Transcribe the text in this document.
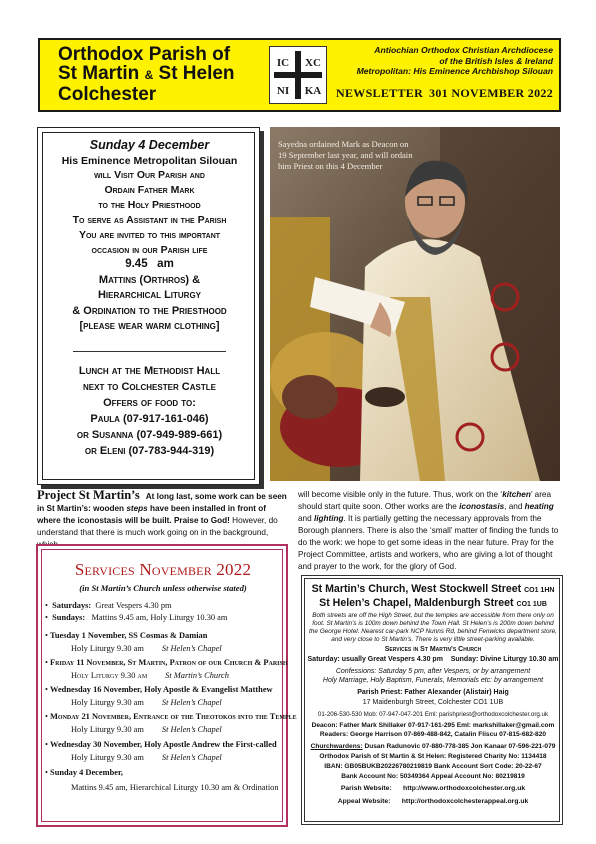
Orthodox Parish of
St Martin & St Helen
Colchester
IC XC
NI KA
Antiochian Orthodox Christian Archdiocese
of the British Isles & Ireland
Metropolitan: His Eminence Archbishop Silouan
NEWSLETTER 301 NOVEMBER 2022
Sunday 4 December
His Eminence Metropolitan Silouan
will Visit Our Parish and
Ordain Father Mark
to the Holy Priesthood
To serve as Assistant in the Parish
You are invited to this important
occasion in our Parish life
9.45   am
Mattins (Orthros) &
Hierarchical Liturgy
& Ordination to the Priesthood
[please wear warm clothing]
Lunch at the Methodist Hall
next to Colchester Castle
Offers of food to:
Paula (07-917-161-046)
or Susanna (07-949-989-661)
or Eleni (07-783-944-319)
Sayedna ordained Mark as Deacon on 19 September last year, and will ordain him Priest on this 4 December
Project St Martin’s At long last, some work can be seen in St Martin’s: wooden steps have been installed in front of where the iconostasis will be built. Praise to God! However, do understand that there is much work going on in the background,
will become visible only in the future. Thus, work on the ‘kitchen’ area should start quite soon. Other works are the iconostasis, and heating and lighting. It is partially getting the necessary approvals from the Borough planners. There is also the ‘small’ matter of finding the funds to do the work: we hope to get some ideas in the near future. Pray for the Project Committee, artists and workers, who are giving a lot of thought and prayer to the work, for the glory of God.
Services November 2022
(in St Martin’s Church unless otherwise stated)
•  Saturdays: Great Vespers 4.30 pm
•  Sundays: Mattins 9.45 am, Holy Liturgy 10.30 am
• Tuesday 1 November, SS Cosmas & Damian
Holy Liturgy 9.30 am St Helen’s Chapel
• Friday 11 November, St Martin, Patron of our Church & Parish
Holy Liturgy 9.30 am St Martin’s Church
• Wednesday 16 November, Holy Apostle & Evangelist Matthew
Holy Liturgy 9.30 am St Helen’s Chapel
• Monday 21 November, Entrance of the Theotokos into the Temple
Holy Liturgy 9.30 am St Helen’s Chapel
• Wednesday 30 November, Holy Apostle Andrew the First-called
Holy Liturgy 9.30 am St Helen’s Chapel
• Sunday 4 December,
Mattins 9.45 am, Hierarchical Liturgy 10.30 am & Ordination
St Martin’s Church, West Stockwell Street CO1 1HN
St Helen’s Chapel, Maldenburgh Street CO1 1UB
Both streets are off the High Street, but the temples are accessible from there only on
foot. St Martin’s is 100m down behind the Town Hall. St Helen’s is 200m down behind
the George Hotel. Nearest car-park NCP Nunns Rd, behind Fenwicks department store,
and very close to St Martin’s. There is very little street-parking available.
Services in St Martin’s Church
Saturday: usually Great Vespers 4.30 pm Sunday: Divine Liturgy 10.30 am
Confessions: Saturday 5 pm, after Vespers, or by arrangement
Holy Marriage, Holy Baptism, Funerals, Memorials etc: by arrangement
Parish Priest: Father Alexander (Alistair) Haig
17 Maidenburgh Street, Colchester CO1 1UB
01-206-530-530 Mob: 07-947-047-201 Eml: parishpriest@orthodoxcolchester.org.uk
Deacon: Father Mark Shillaker 07-917-161-295 Eml: markshillaker@gmail.com
Readers: George Harrison 07-869-488-842, Catalin Fliscu 07-815-682-820
Churchwardens: Dusan Radunovic 07-880-778-385 Jon Kanaar 07-596-221-079
Orthodox Parish of St Martin & St Helen: Registered Charity No: 1134418
IBAN: GB05BUKB20226780219819 Bank Account Sort Code: 20-22-67
Bank Account No: 50349364 Appeal Account No: 80219819
Parish Website:      http://www.orthodoxcolchester.org.uk
Appeal Website:      http://orthodoxcolchesterappeal.org.uk
